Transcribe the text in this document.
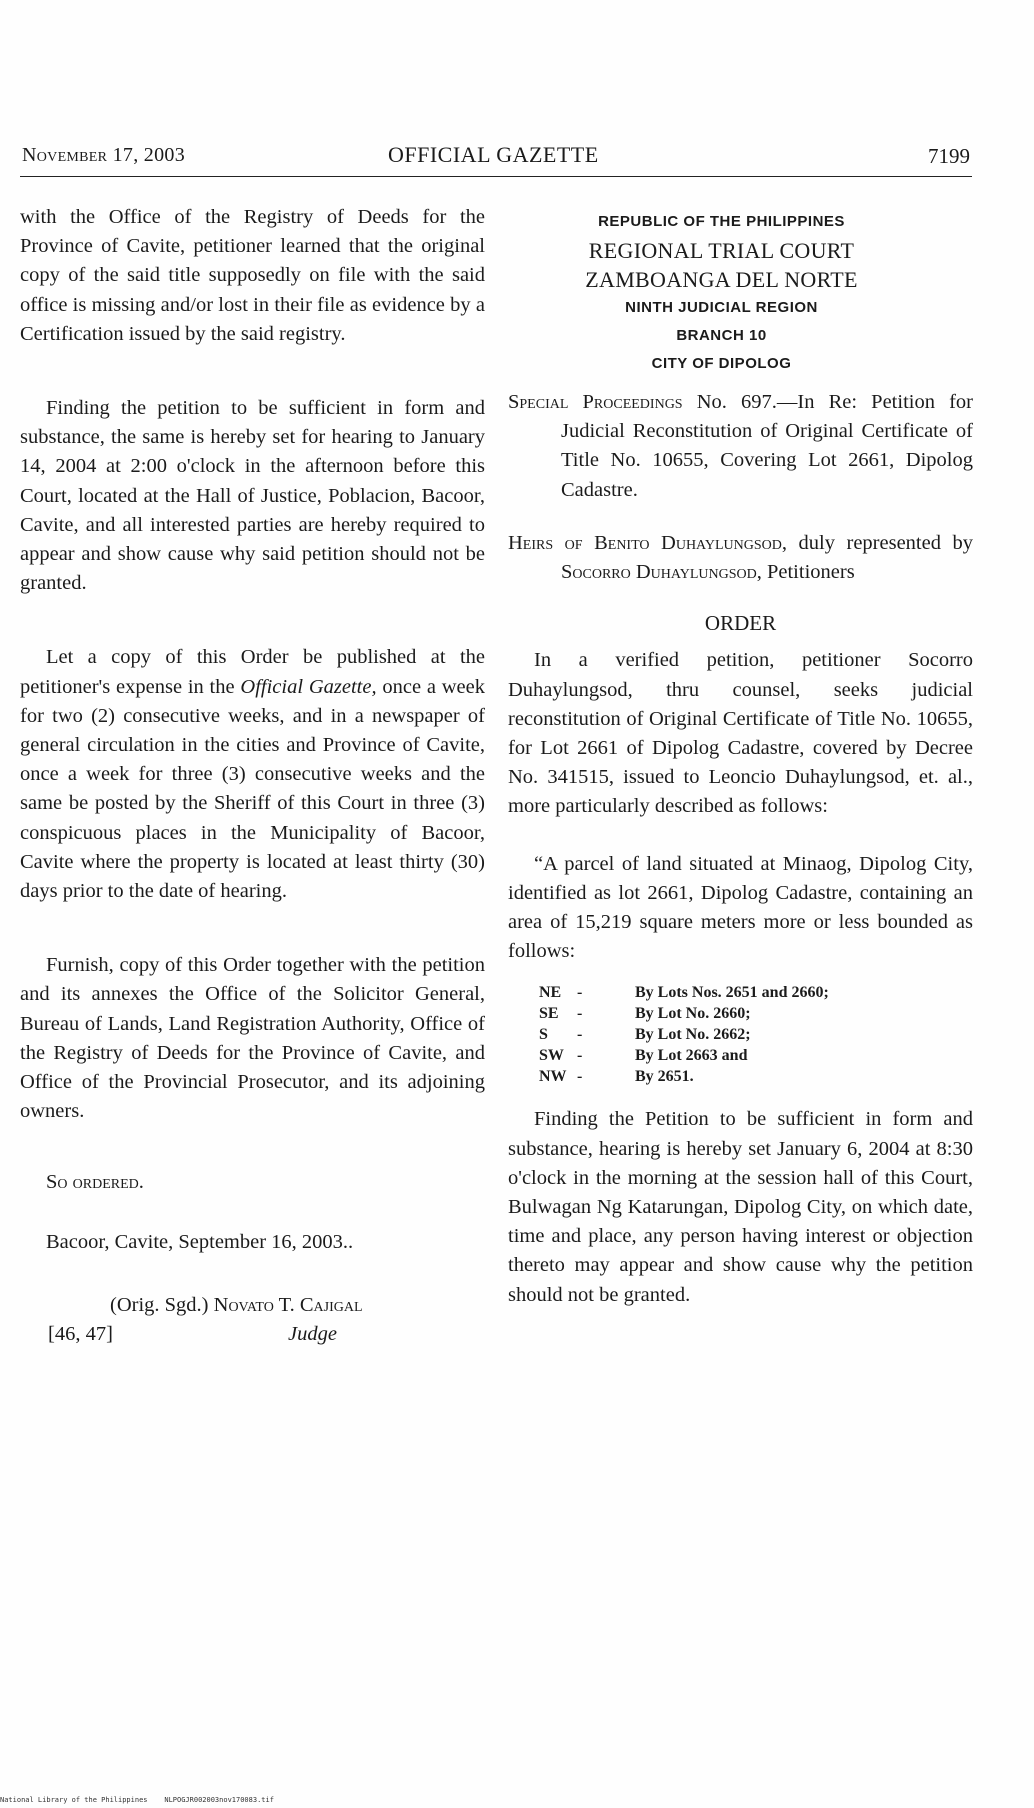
November 17, 2003	OFFICIAL GAZETTE	7199

with the Office of the Registry of Deeds for the Province of Cavite, petitioner learned that the original copy of the said title supposedly on file with the said office is missing and/or lost in their file as evidence by a Certification issued by the said registry.

Finding the petition to be sufficient in form and substance, the same is hereby set for hearing to January 14, 2004 at 2:00 o'clock in the afternoon before this Court, located at the Hall of Justice, Poblacion, Bacoor, Cavite, and all interested parties are hereby required to appear and show cause why said petition should not be granted.

Let a copy of this Order be published at the petitioner's expense in the Official Gazette, once a week for two (2) consecutive weeks, and in a newspaper of general circulation in the cities and Province of Cavite, once a week for three (3) consecutive weeks and the same be posted by the Sheriff of this Court in three (3) conspicuous places in the Municipality of Bacoor, Cavite where the property is located at least thirty (30) days prior to the date of hearing.

Furnish, copy of this Order together with the petition and its annexes the Office of the Solicitor General, Bureau of Lands, Land Registration Authority, Office of the Registry of Deeds for the Province of Cavite, and Office of the Provincial Prosecutor, and its adjoining owners.

So ordered.

Bacoor, Cavite, September 16, 2003..

(Orig. Sgd.) Novato T. Cajigal
[46, 47]	Judge
REPUBLIC OF THE PHILIPPINES
REGIONAL TRIAL COURT
ZAMBOANGA DEL NORTE
NINTH JUDICIAL REGION
BRANCH 10
CITY OF DIPOLOG

Special Proceedings No. 697.—In Re: Petition for Judicial Reconstitution of Original Certificate of Title No. 10655, Covering Lot 2661, Dipolog Cadastre.

Heirs of Benito Duhaylungsod, duly represented by Socorro Duhaylungsod, Petitioners

ORDER

In a verified petition, petitioner Socorro Duhaylungsod, thru counsel, seeks judicial reconstitution of Original Certificate of Title No. 10655, for Lot 2661 of Dipolog Cadastre, covered by Decree No. 341515, issued to Leoncio Duhaylungsod, et. al., more particularly described as follows:

“A parcel of land situated at Minaog, Dipolog City, identified as lot 2661, Dipolog Cadastre, containing an area of 15,219 square meters more or less bounded as follows:

NE	-	By Lots Nos. 2651 and 2660;
SE	-	By Lot No. 2660;
S	-	By Lot No. 2662;
SW	-	By Lot 2663 and
NW	-	By 2651.

Finding the Petition to be sufficient in form and substance, hearing is hereby set January 6, 2004 at 8:30 o'clock in the morning at the session hall of this Court, Bulwagan Ng Katarungan, Dipolog City, on which date, time and place, any person having interest or objection thereto may appear and show cause why the petition should not be granted.

National Library of the Philippines    NLPOGJR002003nov170083.tif
